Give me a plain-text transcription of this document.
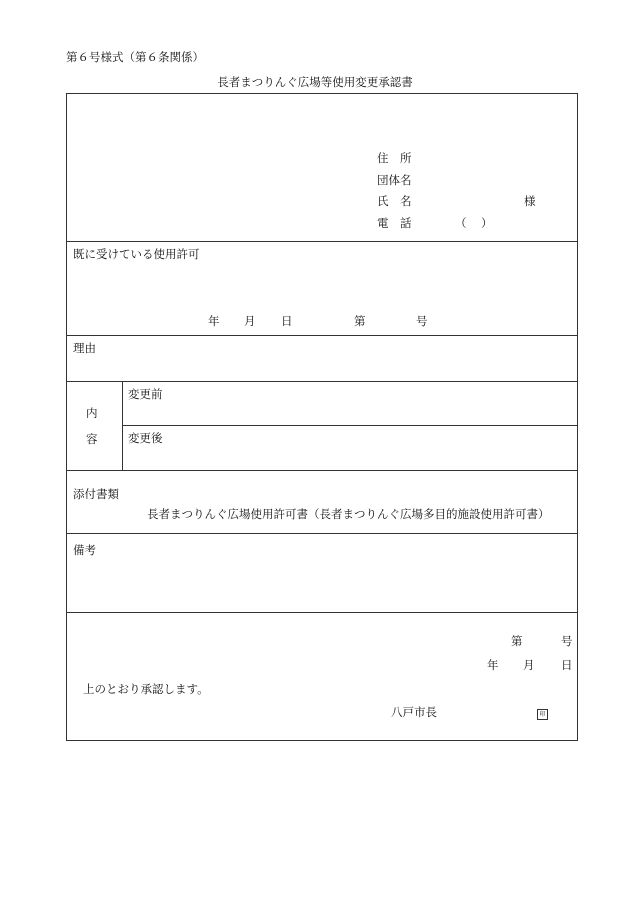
第６号様式（第６条関係）
長者まつりんぐ広場等使用変更承認書
住　所
団体名
氏　名	様
電　話	（ ）
既に受けている使用許可
年 月 日	第	号
理由
内
容
変更前
変更後
添付書類
長者まつりんぐ広場使用許可書（長者まつりんぐ広場多目的施設使用許可書）
備考
第	号
年 月 日
上のとおり承認します。
八戸市長	印
